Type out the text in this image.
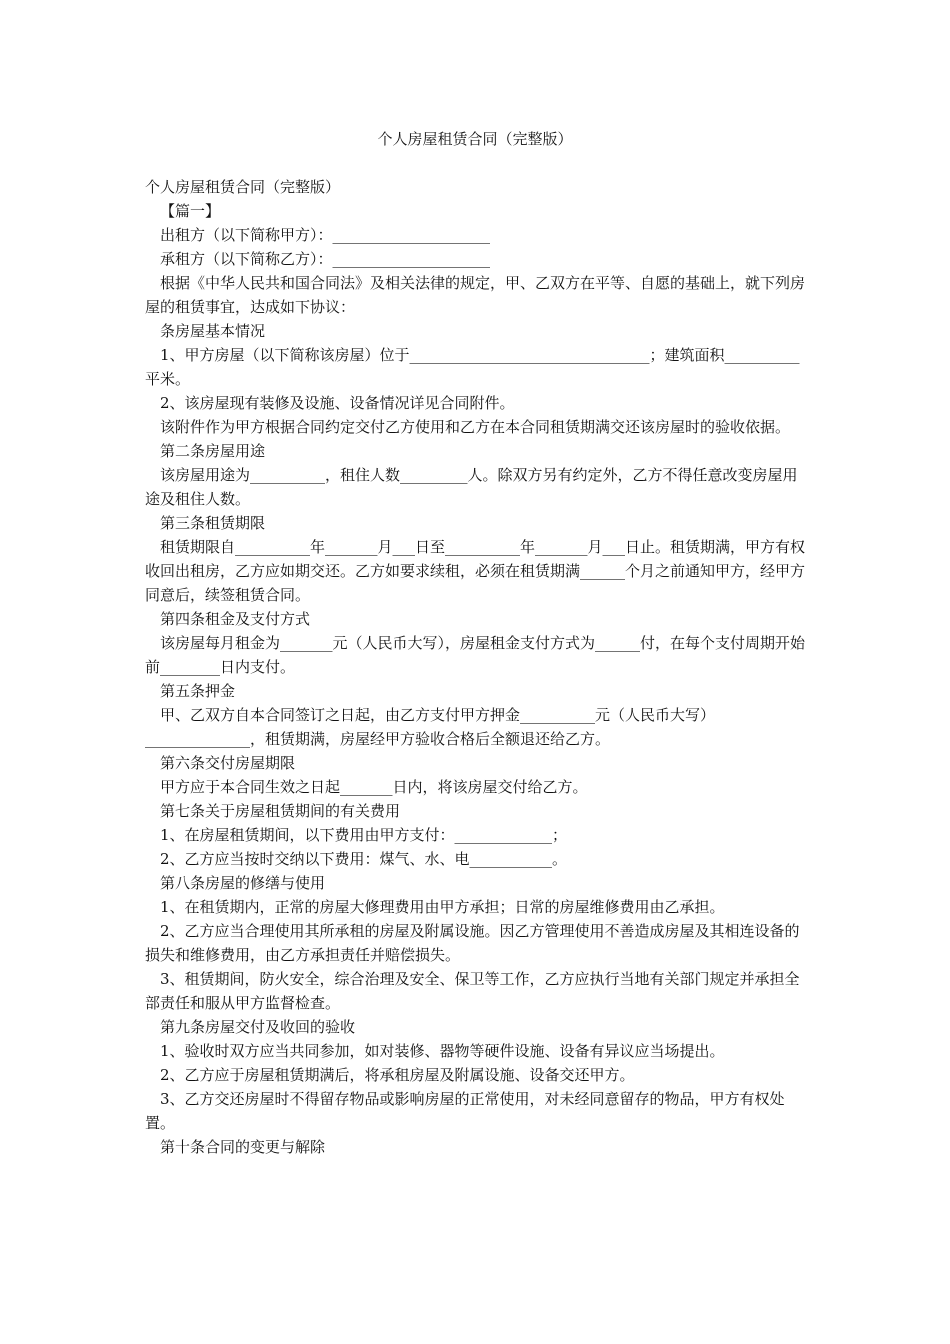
个人房屋租赁合同（完整版）

个人房屋租赁合同（完整版）

【篇一】

出租方（以下简称甲方）：_____________________

承租方（以下简称乙方）：_____________________

根据《中华人民共和国合同法》及相关法律的规定，甲、乙双方在平等、自愿的基础上，就下列房屋的租赁事宜，达成如下协议：

条房屋基本情况

1、甲方房屋（以下简称该房屋）位于________________________________；建筑面积__________平米。

2、该房屋现有装修及设施、设备情况详见合同附件。

该附件作为甲方根据合同约定交付乙方使用和乙方在本合同租赁期满交还该房屋时的验收依据。

第二条房屋用途

该房屋用途为__________，租住人数_________人。除双方另有约定外，乙方不得任意改变房屋用途及租住人数。

第三条租赁期限

租赁期限自__________年_______月___日至__________年_______月___日止。租赁期满，甲方有权收回出租房，乙方应如期交还。乙方如要求续租，必须在租赁期满______个月之前通知甲方，经甲方同意后，续签租赁合同。

第四条租金及支付方式

该房屋每月租金为_______元（人民币大写），房屋租金支付方式为______付，在每个支付周期开始前________日内支付。

第五条押金

甲、乙双方自本合同签订之日起，由乙方支付甲方押金__________元（人民币大写）______________，租赁期满，房屋经甲方验收合格后全额退还给乙方。

第六条交付房屋期限

甲方应于本合同生效之日起_______日内，将该房屋交付给乙方。

第七条关于房屋租赁期间的有关费用

1、在房屋租赁期间，以下费用由甲方支付：_____________；

2、乙方应当按时交纳以下费用：煤气、水、电___________。

第八条房屋的修缮与使用

1、在租赁期内，正常的房屋大修理费用由甲方承担；日常的房屋维修费用由乙承担。

2、乙方应当合理使用其所承租的房屋及附属设施。因乙方管理使用不善造成房屋及其相连设备的损失和维修费用，由乙方承担责任并赔偿损失。

3、租赁期间，防火安全，综合治理及安全、保卫等工作，乙方应执行当地有关部门规定并承担全部责任和服从甲方监督检查。

第九条房屋交付及收回的验收

1、验收时双方应当共同参加，如对装修、器物等硬件设施、设备有异议应当场提出。

2、乙方应于房屋租赁期满后，将承租房屋及附属设施、设备交还甲方。

3、乙方交还房屋时不得留存物品或影响房屋的正常使用，对未经同意留存的物品，甲方有权处置。

第十条合同的变更与解除
